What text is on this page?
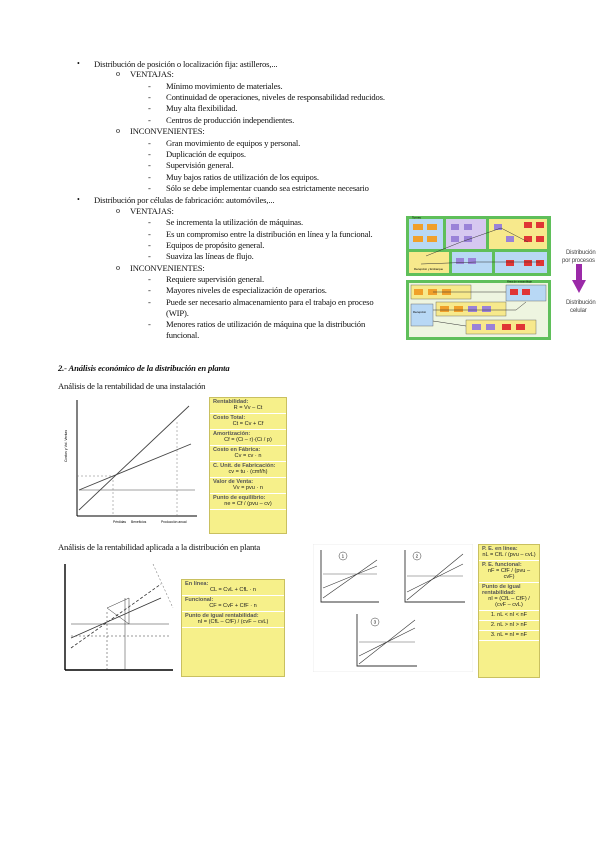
• Distribución de posición o localización fija: astilleros,...
o VENTAJAS:
- Mínimo movimiento de materiales.
- Continuidad de operaciones, niveles de responsabilidad reducidos.
- Muy alta flexibilidad.
- Centros de producción independientes.
o INCONVENIENTES:
- Gran movimiento de equipos y personal.
- Duplicación de equipos.
- Supervisión general.
- Muy bajos ratios de utilización de los equipos.
- Sólo se debe implementar cuando sea estrictamente necesario
• Distribución por células de fabricación: automóviles,...
o VENTAJAS:
- Se incrementa la utilización de máquinas.
- Es un compromiso entre la distribución en línea y la funcional.
- Equipos de propósito general.
- Suaviza las líneas de flujo.
o INCONVENIENTES:
- Requiere supervisión general.
- Mayores niveles de especialización de operarios.
- Puede ser necesario almacenamiento para el trabajo en proceso
(WIP).
- Menores ratios de utilización de máquina que la distribución
funcional.
Torneo
Recepción y Embarque
Recepción
Área de ensamblaje
Distribución
por procesos
Distribución
celular
2.- Análisis económico de la distribución en planta
Análisis de la rentabilidad de una instalación
Costos y Vol. Ventas
Producción anual
Pérdidas Beneficios
Rentabilidad:
R = Vv – Ct
Costo Total:
Ct = Cv + Cf
Amortización:
Cf = (Ci – r)·(Ci / p)
Costo en Fábrica:
Cv = cv · n
C. Unit. de Fabricación:
cv = tu · (cmf/h)
Valor de Venta:
Vv = pvu · n
Punto de equilibrio:
ne = Cf / (pvu – cv)
Análisis de la rentabilidad aplicada a la distribución en planta
En línea:
CL = CvL + CfL · n
Funcional:
CF = CvF + CfF · n
Punto de igual rentabilidad:
nI = (CfL – CfF) / (cvF – cvL)
1	2
3
P. E. en línea:
nL = CfL / (pvu – cvL)
P. E. funcional:
nF = CfF / (pvu – cvF)
Punto de igual rentabilidad:
nI = (CfL – CfF) / (cvF – cvL)
1. nL < nI < nF
2. nL > nI > nF
3. nL = nI = nF
